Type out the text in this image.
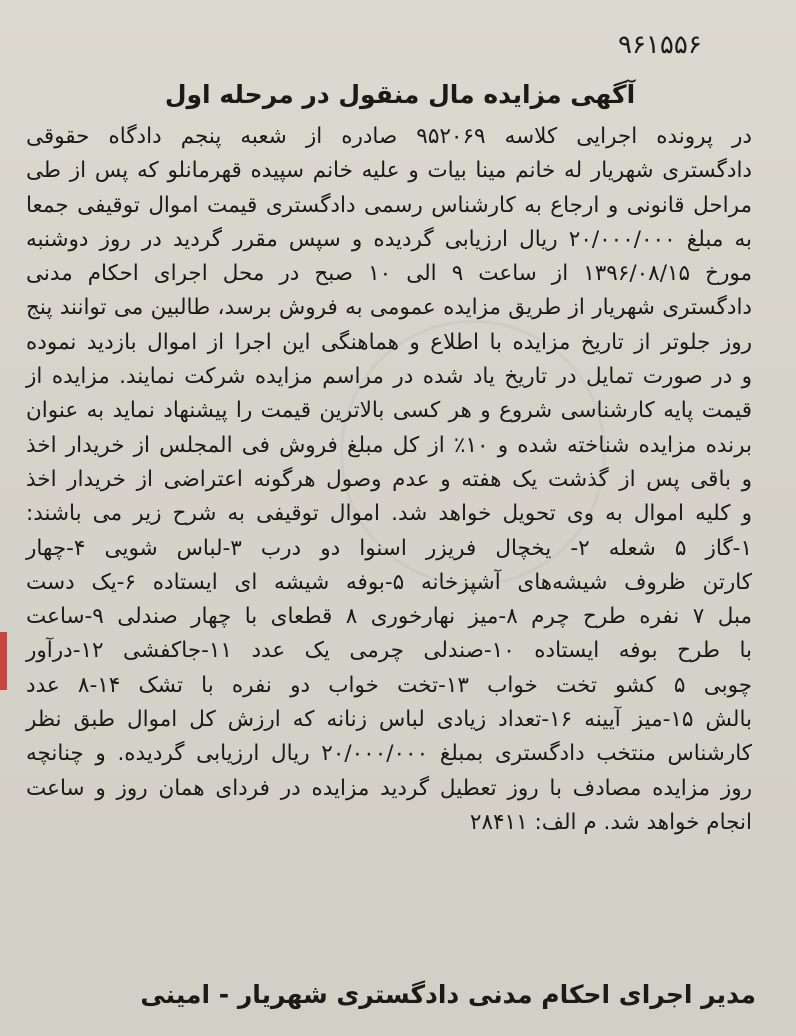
۹۶۱۵۵۶
آگهی مزایده مال منقول در مرحله اول
در پرونده اجرایی کلاسه ۹۵۲۰۶۹ صادره از شعبه پنجم دادگاه حقوقی
دادگستری شهریار له خانم مینا بیات و علیه خانم سپیده قهرمانلو که پس از طی
مراحل قانونی و ارجاع به کارشناس رسمی دادگستری قیمت اموال توقیفی جمعا
به مبلغ ۲۰/۰۰۰/۰۰۰ ریال ارزیابی گردیده و سپس مقرر گردید در روز دوشنبه
مورخ ۱۳۹۶/۰۸/۱۵ از ساعت ۹ الی ۱۰ صبح در محل اجرای احکام مدنی
دادگستری شهریار از طریق مزایده عمومی به فروش برسد، طالبین می توانند پنج
روز جلوتر از تاریخ مزایده با اطلاع و هماهنگی این اجرا از اموال بازدید نموده
و در صورت تمایل در تاریخ یاد شده در مراسم مزایده شرکت نمایند. مزایده از
قیمت پایه کارشناسی شروع و هر کسی بالاترین قیمت را پیشنهاد نماید به عنوان
برنده مزایده شناخته شده و ۱۰٪ از کل مبلغ فروش فی المجلس از خریدار اخذ
و باقی پس از گذشت یک هفته و عدم وصول هرگونه اعتراضی از خریدار اخذ
و کلیه اموال به وی تحویل خواهد شد. اموال توقیفی به شرح زیر می باشند:
۱-گاز ۵ شعله ۲- یخچال فریزر اسنوا دو درب ۳-لباس شویی ۴-چهار
کارتن ظروف شیشه‌های آشپزخانه ۵-بوفه شیشه ای ایستاده ۶-یک دست
مبل ۷ نفره طرح چرم ۸-میز نهارخوری ۸ قطعای با چهار صندلی ۹-ساعت
با طرح بوفه ایستاده ۱۰-صندلی چرمی یک عدد ۱۱-جاکفشی ۱۲-درآور
چوبی ۵ کشو تخت خواب ۱۳-تخت خواب دو نفره با تشک ۱۴-۸ عدد
بالش ۱۵-میز آیینه ۱۶-تعداد زیادی لباس زنانه که ارزش کل اموال طبق نظر
کارشناس منتخب دادگستری بمبلغ ۲۰/۰۰۰/۰۰۰ ریال ارزیابی گردیده. و چنانچه
روز مزایده مصادف با روز تعطیل گردید مزایده در فردای همان روز و ساعت
انجام خواهد شد. م الف: ۲۸۴۱۱
مدیر اجرای احکام مدنی دادگستری شهریار - امینی
